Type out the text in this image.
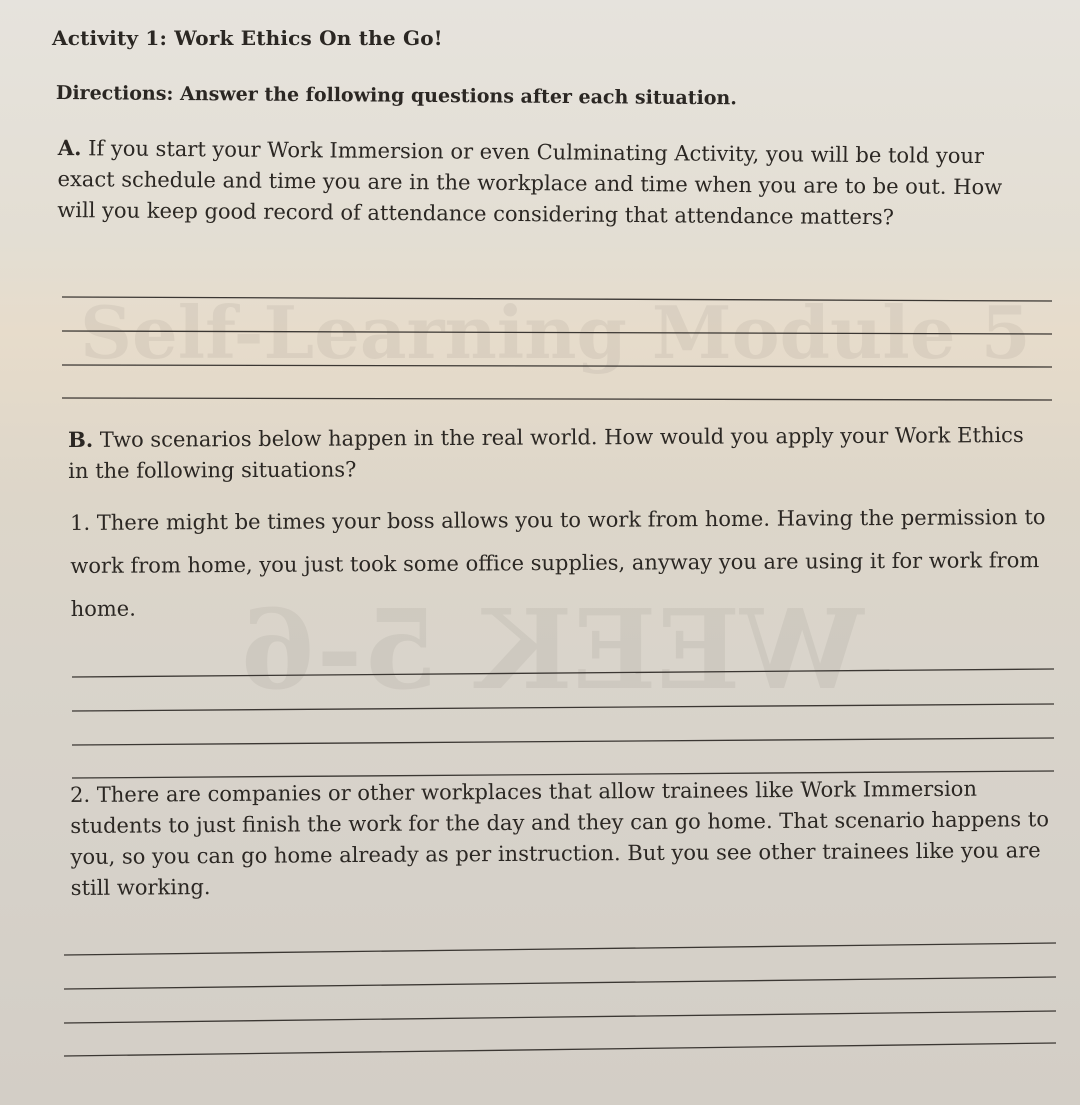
Self-Learning Module 5
WEEK 5-6
Activity 1: Work Ethics On the Go!
Directions: Answer the following questions after each situation.
A. If you start your Work Immersion or even Culminating Activity, you will be told your exact schedule and time you are in the workplace and time when you are to be out. How will you keep good record of attendance considering that attendance matters?
B. Two scenarios below happen in the real world. How would you apply your Work Ethics in the following situations?
1. There might be times your boss allows you to work from home. Having the permission to work from home, you just took some office supplies, anyway you are using it for work from home.
2. There are companies or other workplaces that allow trainees like Work Immersion students to just finish the work for the day and they can go home. That scenario happens to you, so you can go home already as per instruction. But you see other trainees like you are still working.
